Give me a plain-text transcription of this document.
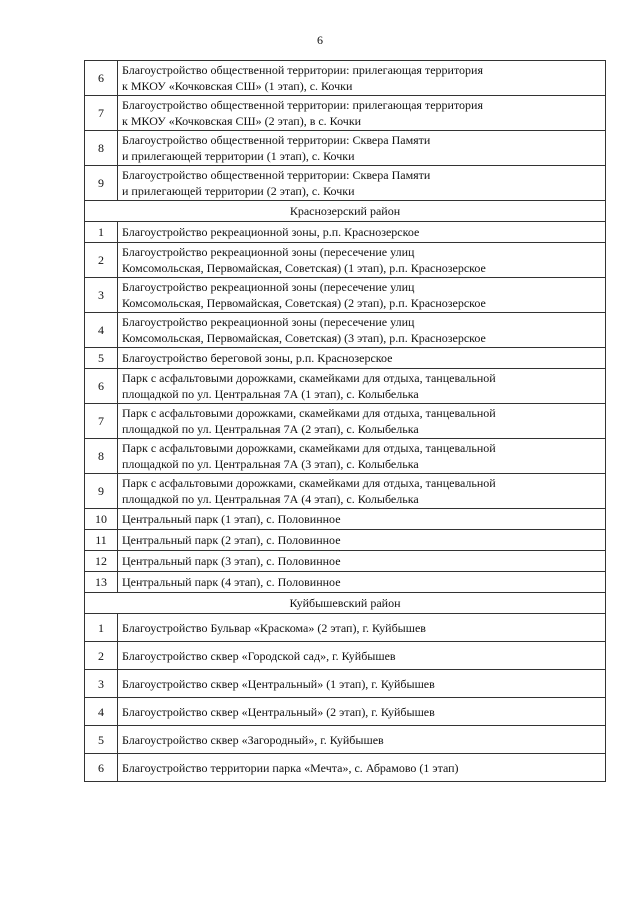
6
6	Благоустройство общественной территории: прилегающая территория
к МКОУ «Кочковская СШ» (1 этап), с. Кочки
7	Благоустройство общественной территории: прилегающая территория
к МКОУ «Кочковская СШ» (2 этап), в с. Кочки
8	Благоустройство общественной территории: Сквера Памяти
и прилегающей территории (1 этап), с. Кочки
9	Благоустройство общественной территории: Сквера Памяти
и прилегающей территории (2 этап), с. Кочки
Краснозерский район	
1	Благоустройство рекреационной зоны, р.п. Краснозерское
2	Благоустройство рекреационной зоны (пересечение улиц
Комсомольская, Первомайская, Советская) (1 этап), р.п. Краснозерское
3	Благоустройство рекреационной зоны (пересечение улиц
Комсомольская, Первомайская, Советская) (2 этап), р.п. Краснозерское
4	Благоустройство рекреационной зоны (пересечение улиц
Комсомольская, Первомайская, Советская) (3 этап), р.п. Краснозерское
5	Благоустройство береговой зоны, р.п. Краснозерское
6	Парк с асфальтовыми дорожками, скамейками для отдыха, танцевальной
площадкой по ул. Центральная 7А (1 этап), с. Колыбелька
7	Парк с асфальтовыми дорожками, скамейками для отдыха, танцевальной
площадкой по ул. Центральная 7А (2 этап), с. Колыбелька
8	Парк с асфальтовыми дорожками, скамейками для отдыха, танцевальной
площадкой по ул. Центральная 7А (3 этап), с. Колыбелька
9	Парк с асфальтовыми дорожками, скамейками для отдыха, танцевальной
площадкой по ул. Центральная 7А (4 этап), с. Колыбелька
10	Центральный парк (1 этап), с. Половинное
11	Центральный парк (2 этап), с. Половинное
12	Центральный парк (3 этап), с. Половинное
13	Центральный парк (4 этап), с. Половинное
Куйбышевский район	
1	Благоустройство Бульвар «Краскома» (2 этап), г. Куйбышев
2	Благоустройство сквер «Городской сад», г. Куйбышев
3	Благоустройство сквер «Центральный» (1 этап), г. Куйбышев
4	Благоустройство сквер «Центральный» (2 этап), г. Куйбышев
5	Благоустройство сквер «Загородный», г. Куйбышев
6	Благоустройство территории парка «Мечта», с. Абрамово (1 этап)
